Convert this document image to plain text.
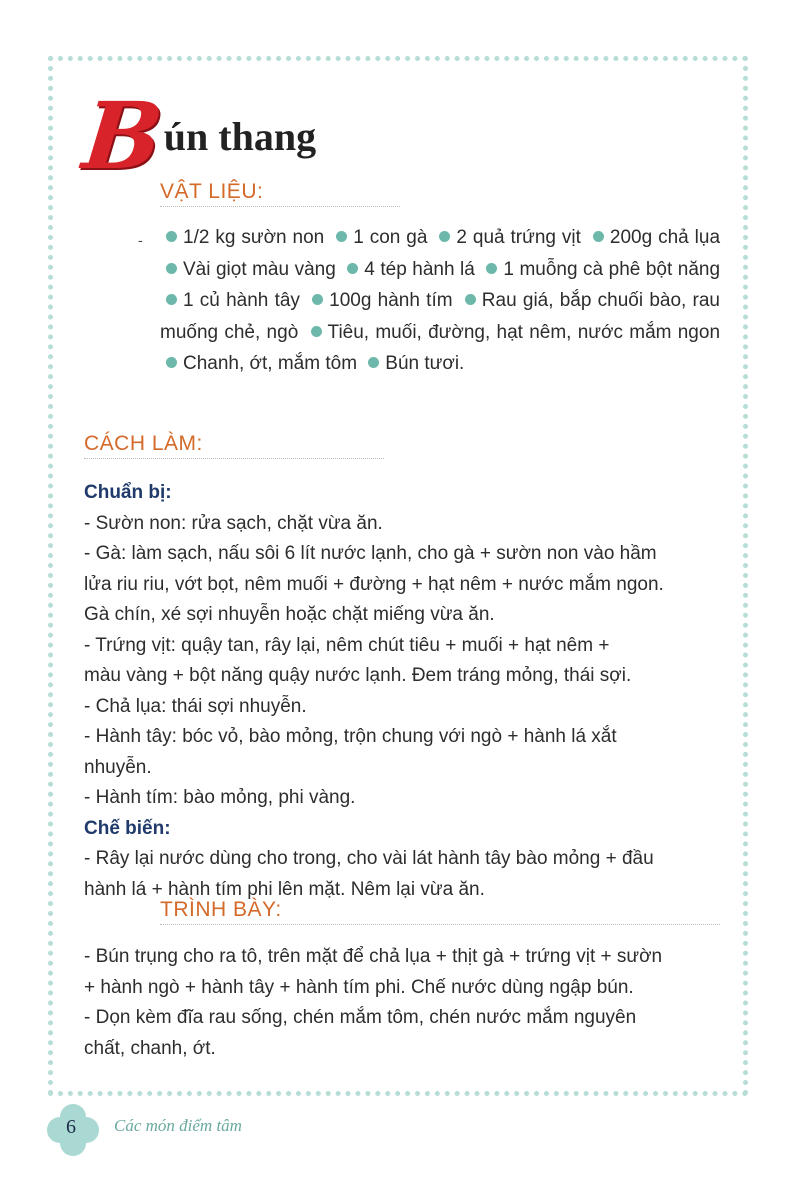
Bún thang
VẬT LIỆU:
-	1/2 kg sườn non 1 con gà 2 quả trứng vịt 200g chả lụa Vài giọt màu vàng 4 tép hành lá 1 muỗng cà phê bột năng 1 củ hành tây 100g hành tím Rau giá, bắp chuối bào, rau muống chẻ, ngò Tiêu, muối, đường, hạt nêm, nước mắm ngon Chanh, ớt, mắm tôm Bún tươi.
CÁCH LÀM:
Chuẩn bị:
- Sườn non: rửa sạch, chặt vừa ăn.
- Gà: làm sạch, nấu sôi 6 lít nước lạnh, cho gà + sườn non vào hầm
lửa riu riu, vớt bọt, nêm muối + đường + hạt nêm + nước mắm ngon.
Gà chín, xé sợi nhuyễn hoặc chặt miếng vừa ăn.
- Trứng vịt: quậy tan, rây lại, nêm chút tiêu + muối + hạt nêm +
màu vàng + bột năng quậy nước lạnh. Đem tráng mỏng, thái sợi.
- Chả lụa: thái sợi nhuyễn.
- Hành tây: bóc vỏ, bào mỏng, trộn chung với ngò + hành lá xắt
nhuyễn.
- Hành tím: bào mỏng, phi vàng.
Chế biến:
- Rây lại nước dùng cho trong, cho vài lát hành tây bào mỏng + đầu
hành lá + hành tím phi lên mặt. Nêm lại vừa ăn.
TRÌNH BÀY:
- Bún trụng cho ra tô, trên mặt để chả lụa + thịt gà + trứng vịt + sườn
+ hành ngò + hành tây + hành tím phi. Chế nước dùng ngập bún.
- Dọn kèm đĩa rau sống, chén mắm tôm, chén nước mắm nguyên
chất, chanh, ớt.
6 Các món điểm tâm
